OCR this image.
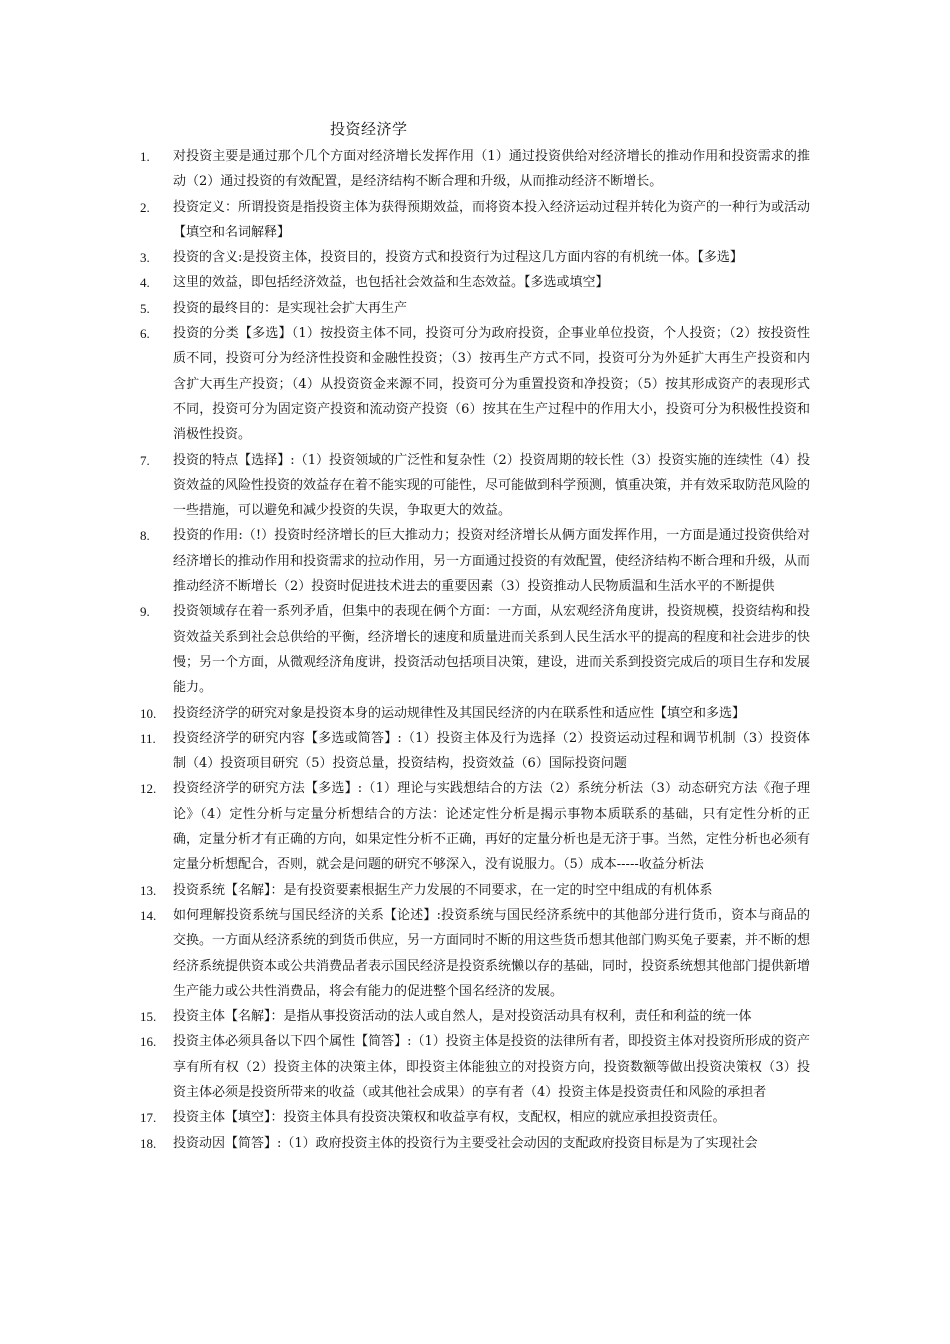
投资经济学
1.	对投资主要是通过那个几个方面对经济增长发挥作用（1）通过投资供给对经济增长的推动作用和投资需求的推动（2）通过投资的有效配置，是经济结构不断合理和升级，从而推动经济不断增长。
2.	投资定义：所谓投资是指投资主体为获得预期效益，而将资本投入经济运动过程并转化为资产的一种行为或活动【填空和名词解释】
3.	投资的含义:是投资主体，投资目的，投资方式和投资行为过程这几方面内容的有机统一体。【多选】
4.	这里的效益，即包括经济效益，也包括社会效益和生态效益。【多选或填空】
5.	投资的最终目的：是实现社会扩大再生产
6.	投资的分类【多选】（1）按投资主体不同，投资可分为政府投资，企事业单位投资，个人投资；（2）按投资性质不同，投资可分为经济性投资和金融性投资；（3）按再生产方式不同，投资可分为外延扩大再生产投资和内含扩大再生产投资；（4）从投资资金来源不同，投资可分为重置投资和净投资；（5）按其形成资产的表现形式不同，投资可分为固定资产投资和流动资产投资（6）按其在生产过程中的作用大小，投资可分为积极性投资和消极性投资。
7.	投资的特点【选择】:（1）投资领域的广泛性和复杂性（2）投资周期的较长性（3）投资实施的连续性（4）投资效益的风险性投资的效益存在着不能实现的可能性，尽可能做到科学预测，慎重决策，并有效采取防范风险的一些措施，可以避免和减少投资的失误，争取更大的效益。
8.	投资的作用:（!）投资时经济增长的巨大推动力；投资对经济增长从俩方面发挥作用，一方面是通过投资供给对经济增长的推动作用和投资需求的拉动作用，另一方面通过投资的有效配置，使经济结构不断合理和升级，从而推动经济不断增长（2）投资时促进技术进去的重要因素（3）投资推动人民物质温和生活水平的不断提供
9.	投资领域存在着一系列矛盾，但集中的表现在俩个方面：一方面，从宏观经济角度讲，投资规模，投资结构和投资效益关系到社会总供给的平衡，经济增长的速度和质量进而关系到人民生活水平的提高的程度和社会进步的快慢；另一个方面，从微观经济角度讲，投资活动包括项目决策，建设，进而关系到投资完成后的项目生存和发展能力。
10.	投资经济学的研究对象是投资本身的运动规律性及其国民经济的内在联系性和适应性【填空和多选】
11.	投资经济学的研究内容【多选或简答】:（1）投资主体及行为选择（2）投资运动过程和调节机制（3）投资体制（4）投资项目研究（5）投资总量，投资结构，投资效益（6）国际投资问题
12.	投资经济学的研究方法【多选】:（1）理论与实践想结合的方法（2）系统分析法（3）动态研究方法《孢子理论》（4）定性分析与定量分析想结合的方法：论述定性分析是揭示事物本质联系的基础，只有定性分析的正确，定量分析才有正确的方向，如果定性分析不正确，再好的定量分析也是无济于事。当然，定性分析也必须有定量分析想配合，否则，就会是问题的研究不够深入，没有说服力。（5）成本-----收益分析法
13.	投资系统【名解】：是有投资要素根据生产力发展的不同要求，在一定的时空中组成的有机体系
14.	如何理解投资系统与国民经济的关系【论述】:投资系统与国民经济系统中的其他部分进行货币，资本与商品的交换。一方面从经济系统的到货币供应，另一方面同时不断的用这些货币想其他部门购买兔子要素，并不断的想经济系统提供资本或公共消费品者表示国民经济是投资系统懒以存的基础，同时，投资系统想其他部门提供新增生产能力或公共性消费品，将会有能力的促进整个国名经济的发展。
15.	投资主体【名解】：是指从事投资活动的法人或自然人，是对投资活动具有权利，责任和利益的统一体
16.	投资主体必须具备以下四个属性【简答】:（1）投资主体是投资的法律所有者，即投资主体对投资所形成的资产享有所有权（2）投资主体的决策主体，即投资主体能独立的对投资方向，投资数额等做出投资决策权（3）投资主体必须是投资所带来的收益（或其他社会成果）的享有者（4）投资主体是投资责任和风险的承担者
17.	投资主体【填空】：投资主体具有投资决策权和收益享有权，支配权，相应的就应承担投资责任。
18.	投资动因【简答】:（1）政府投资主体的投资行为主要受社会动因的支配政府投资目标是为了实现社会
